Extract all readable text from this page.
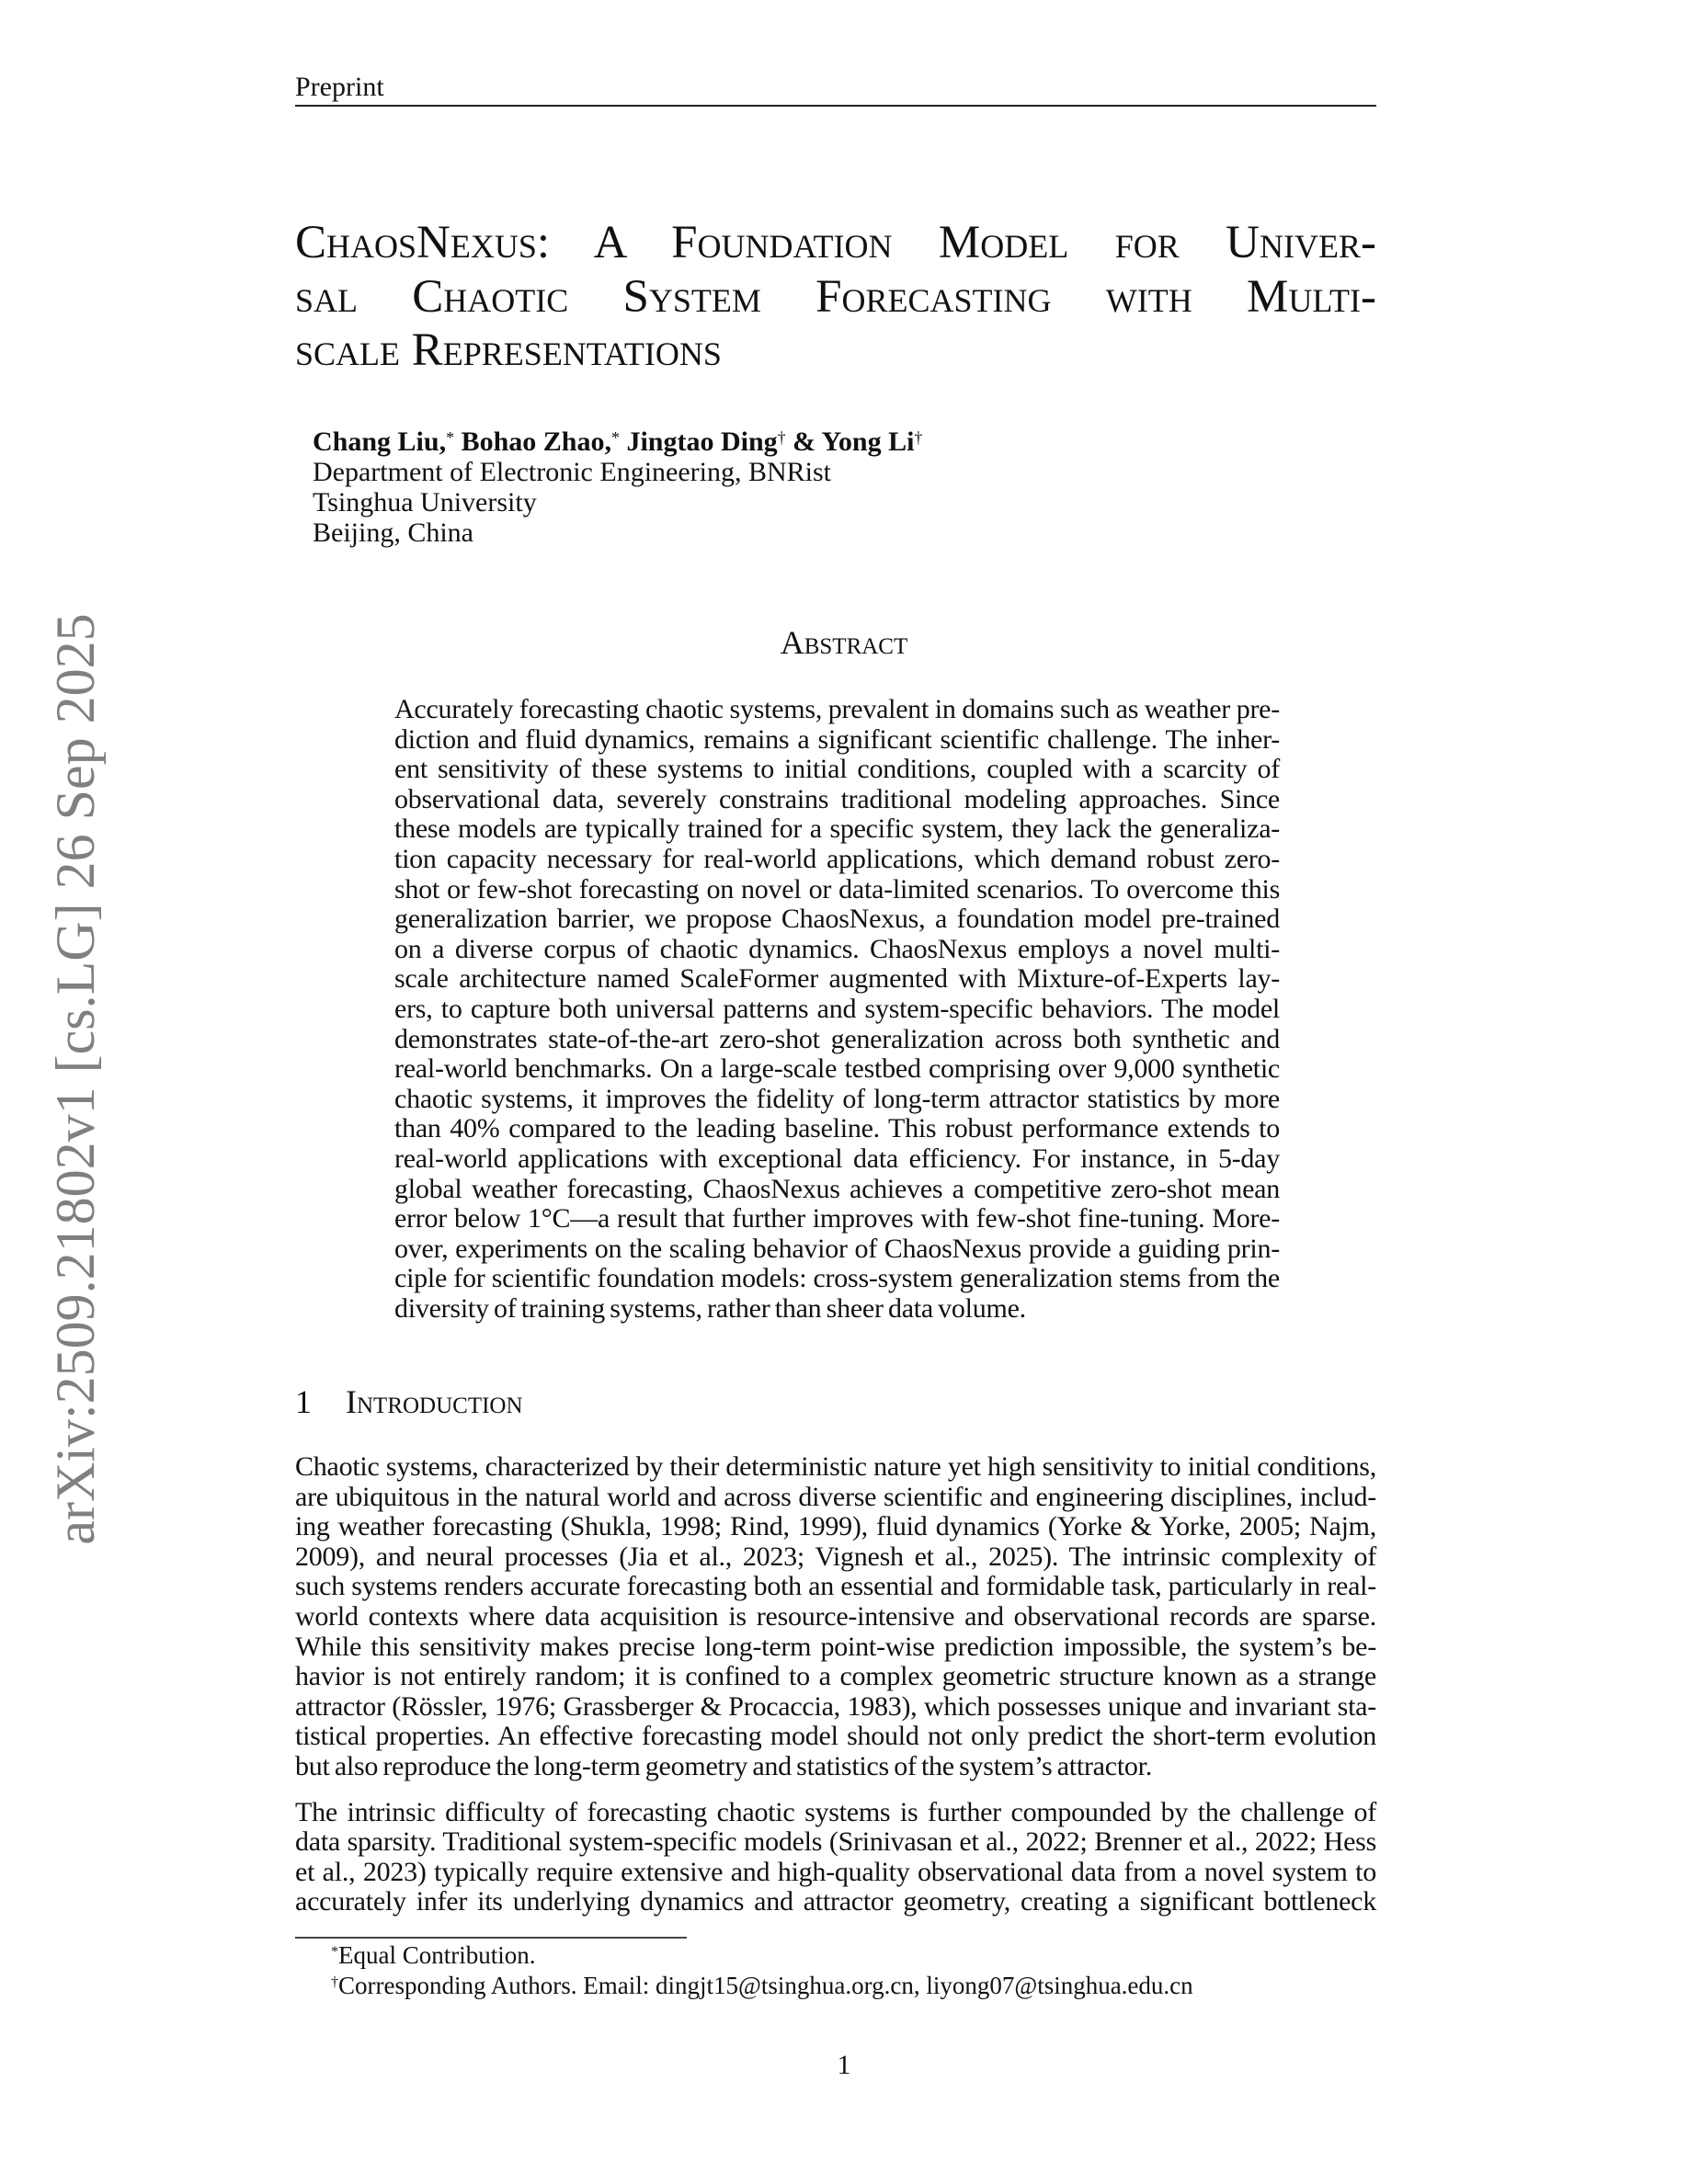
arXiv:2509.21802v1 [cs.LG] 26 Sep 2025
Preprint
ChaosNexus: A Foundation Model for Univer-
sal Chaotic System Forecasting with Multi-
scale Representations
Chang Liu,* Bohao Zhao,* Jingtao Ding† & Yong Li†
Department of Electronic Engineering, BNRist
Tsinghua University
Beijing, China
Abstract
Accurately forecasting chaotic systems, prevalent in domains such as weather pre-
diction and fluid dynamics, remains a significant scientific challenge. The inher-
ent sensitivity of these systems to initial conditions, coupled with a scarcity of
observational data, severely constrains traditional modeling approaches. Since
these models are typically trained for a specific system, they lack the generaliza-
tion capacity necessary for real-world applications, which demand robust zero-
shot or few-shot forecasting on novel or data-limited scenarios. To overcome this
generalization barrier, we propose ChaosNexus, a foundation model pre-trained
on a diverse corpus of chaotic dynamics. ChaosNexus employs a novel multi-
scale architecture named ScaleFormer augmented with Mixture-of-Experts lay-
ers, to capture both universal patterns and system-specific behaviors. The model
demonstrates state-of-the-art zero-shot generalization across both synthetic and
real-world benchmarks. On a large-scale testbed comprising over 9,000 synthetic
chaotic systems, it improves the fidelity of long-term attractor statistics by more
than 40% compared to the leading baseline. This robust performance extends to
real-world applications with exceptional data efficiency. For instance, in 5-day
global weather forecasting, ChaosNexus achieves a competitive zero-shot mean
error below 1°C—a result that further improves with few-shot fine-tuning. More-
over, experiments on the scaling behavior of ChaosNexus provide a guiding prin-
ciple for scientific foundation models: cross-system generalization stems from the
diversity of training systems, rather than sheer data volume.
1 Introduction
Chaotic systems, characterized by their deterministic nature yet high sensitivity to initial conditions,
are ubiquitous in the natural world and across diverse scientific and engineering disciplines, includ-
ing weather forecasting (Shukla, 1998; Rind, 1999), fluid dynamics (Yorke & Yorke, 2005; Najm,
2009), and neural processes (Jia et al., 2023; Vignesh et al., 2025). The intrinsic complexity of
such systems renders accurate forecasting both an essential and formidable task, particularly in real-
world contexts where data acquisition is resource-intensive and observational records are sparse.
While this sensitivity makes precise long-term point-wise prediction impossible, the system’s be-
havior is not entirely random; it is confined to a complex geometric structure known as a strange
attractor (Rössler, 1976; Grassberger & Procaccia, 1983), which possesses unique and invariant sta-
tistical properties. An effective forecasting model should not only predict the short-term evolution
but also reproduce the long-term geometry and statistics of the system’s attractor.
The intrinsic difficulty of forecasting chaotic systems is further compounded by the challenge of
data sparsity. Traditional system-specific models (Srinivasan et al., 2022; Brenner et al., 2022; Hess
et al., 2023) typically require extensive and high-quality observational data from a novel system to
accurately infer its underlying dynamics and attractor geometry, creating a significant bottleneck
*Equal Contribution.
†Corresponding Authors. Email: dingjt15@tsinghua.org.cn, liyong07@tsinghua.edu.cn
1
